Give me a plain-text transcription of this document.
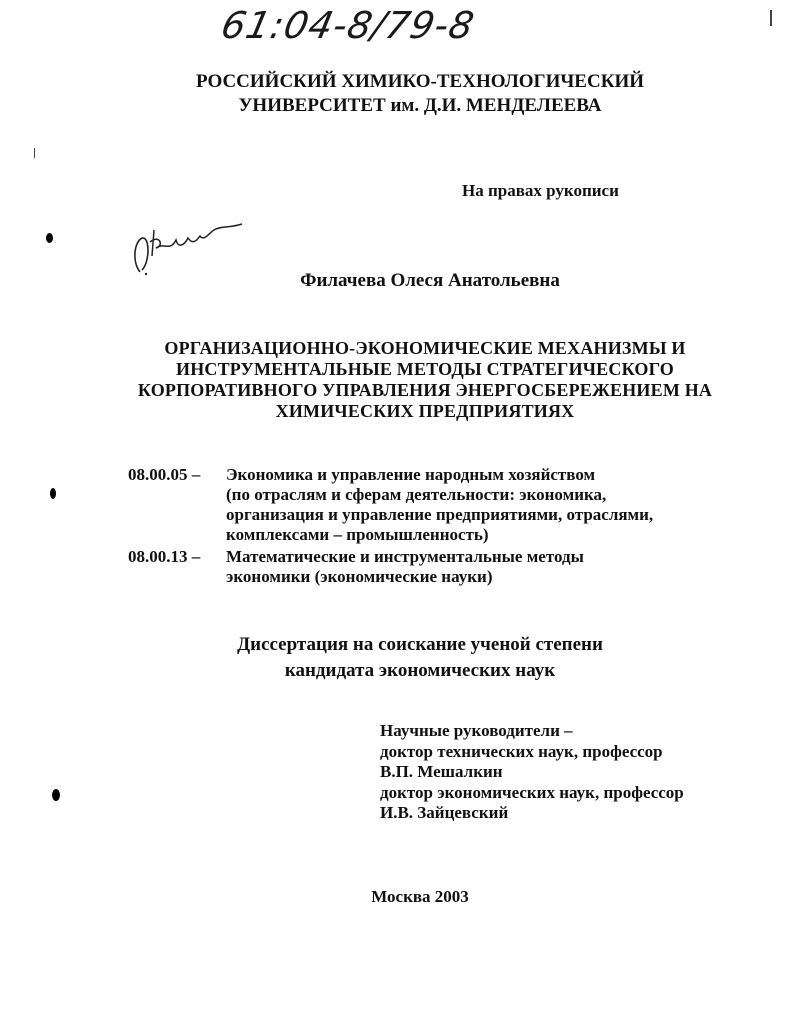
61:04-8/79-8
РОССИЙСКИЙ ХИМИКО-ТЕХНОЛОГИЧЕСКИЙ
УНИВЕРСИТЕТ им. Д.И. МЕНДЕЛЕЕВА
На правах рукописи
Филачева Олеся Анатольевна
ОРГАНИЗАЦИОННО-ЭКОНОМИЧЕСКИЕ МЕХАНИЗМЫ И
ИНСТРУМЕНТАЛЬНЫЕ МЕТОДЫ СТРАТЕГИЧЕСКОГО
КОРПОРАТИВНОГО УПРАВЛЕНИЯ ЭНЕРГОСБЕРЕЖЕНИЕМ НА
ХИМИЧЕСКИХ ПРЕДПРИЯТИЯХ
08.00.05 – Экономика и управление народным хозяйством
(по отраслям и сферам деятельности: экономика,
организация и управление предприятиями, отраслями,
комплексами – промышленность)
08.00.13 – Математические и инструментальные методы
экономики (экономические науки)
Диссертация на соискание ученой степени
кандидата экономических наук
Научные руководители –
доктор технических наук, профессор
В.П. Мешалкин
доктор экономических наук, профессор
И.В. Зайцевский
Москва 2003
